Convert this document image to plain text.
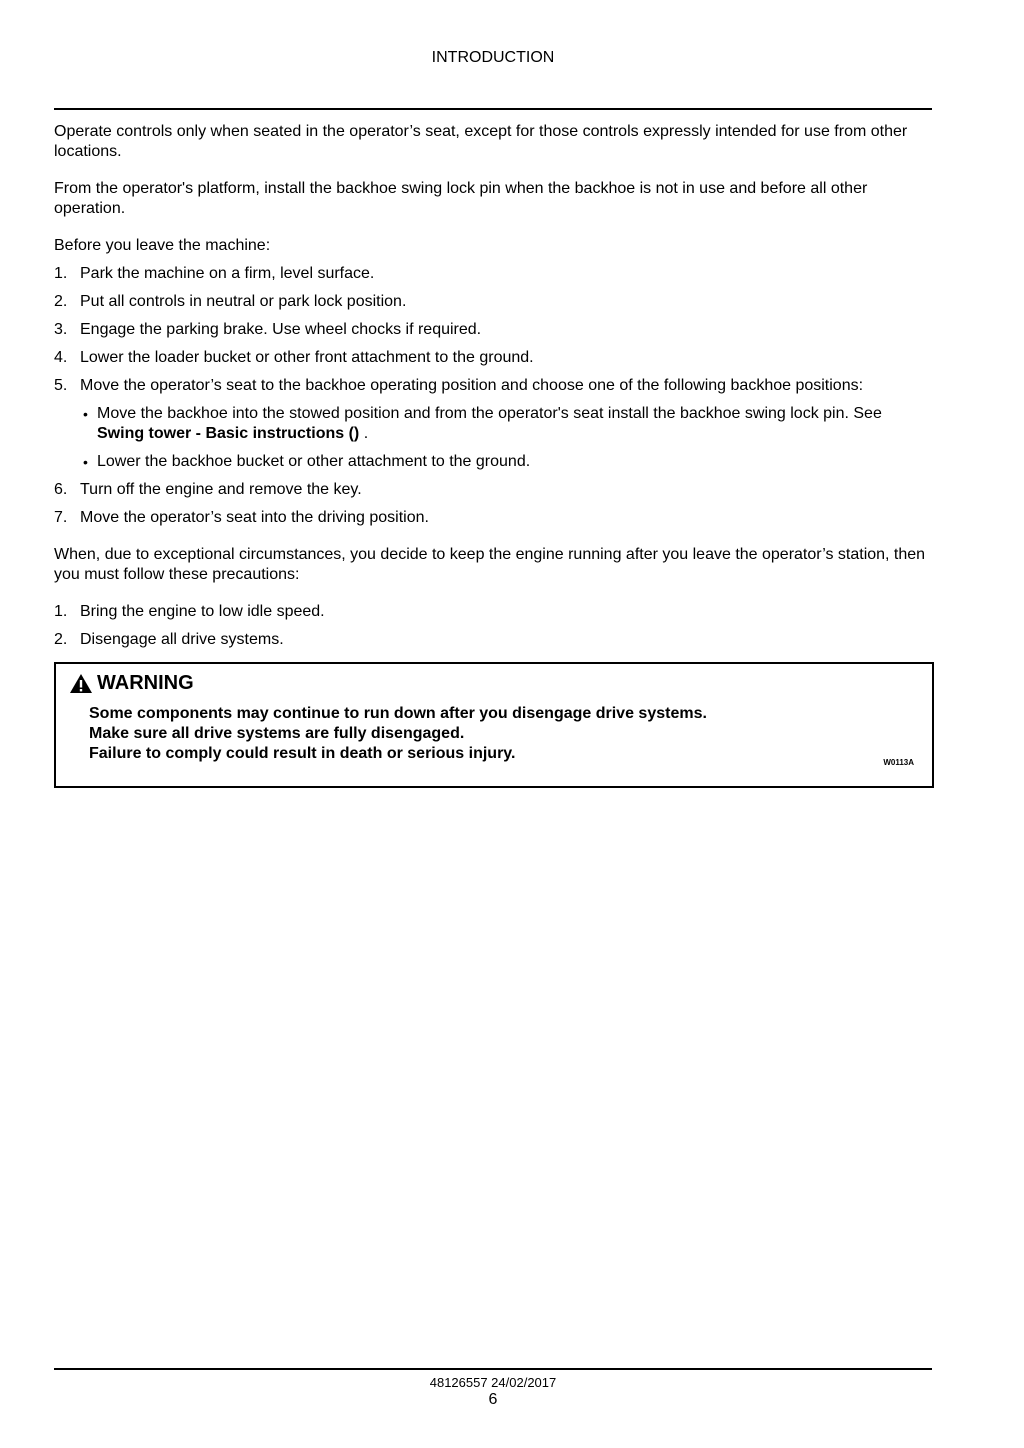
INTRODUCTION

Operate controls only when seated in the operator’s seat, except for those controls expressly intended for use from other locations.

From the operator's platform, install the backhoe swing lock pin when the backhoe is not in use and before all other operation.

Before you leave the machine:

1. Park the machine on a firm, level surface.
2. Put all controls in neutral or park lock position.
3. Engage the parking brake. Use wheel chocks if required.
4. Lower the loader bucket or other front attachment to the ground.
5. Move the operator’s seat to the backhoe operating position and choose one of the following backhoe positions:
• Move the backhoe into the stowed position and from the operator's seat install the backhoe swing lock pin. See Swing tower - Basic instructions () .
• Lower the backhoe bucket or other attachment to the ground.
6. Turn off the engine and remove the key.
7. Move the operator’s seat into the driving position.

When, due to exceptional circumstances, you decide to keep the engine running after you leave the operator’s station, then you must follow these precautions:

1. Bring the engine to low idle speed.
2. Disengage all drive systems.
WARNING
Some components may continue to run down after you disengage drive systems.
Make sure all drive systems are fully disengaged.
Failure to comply could result in death or serious injury.
W0113A
48126557 24/02/2017
6
